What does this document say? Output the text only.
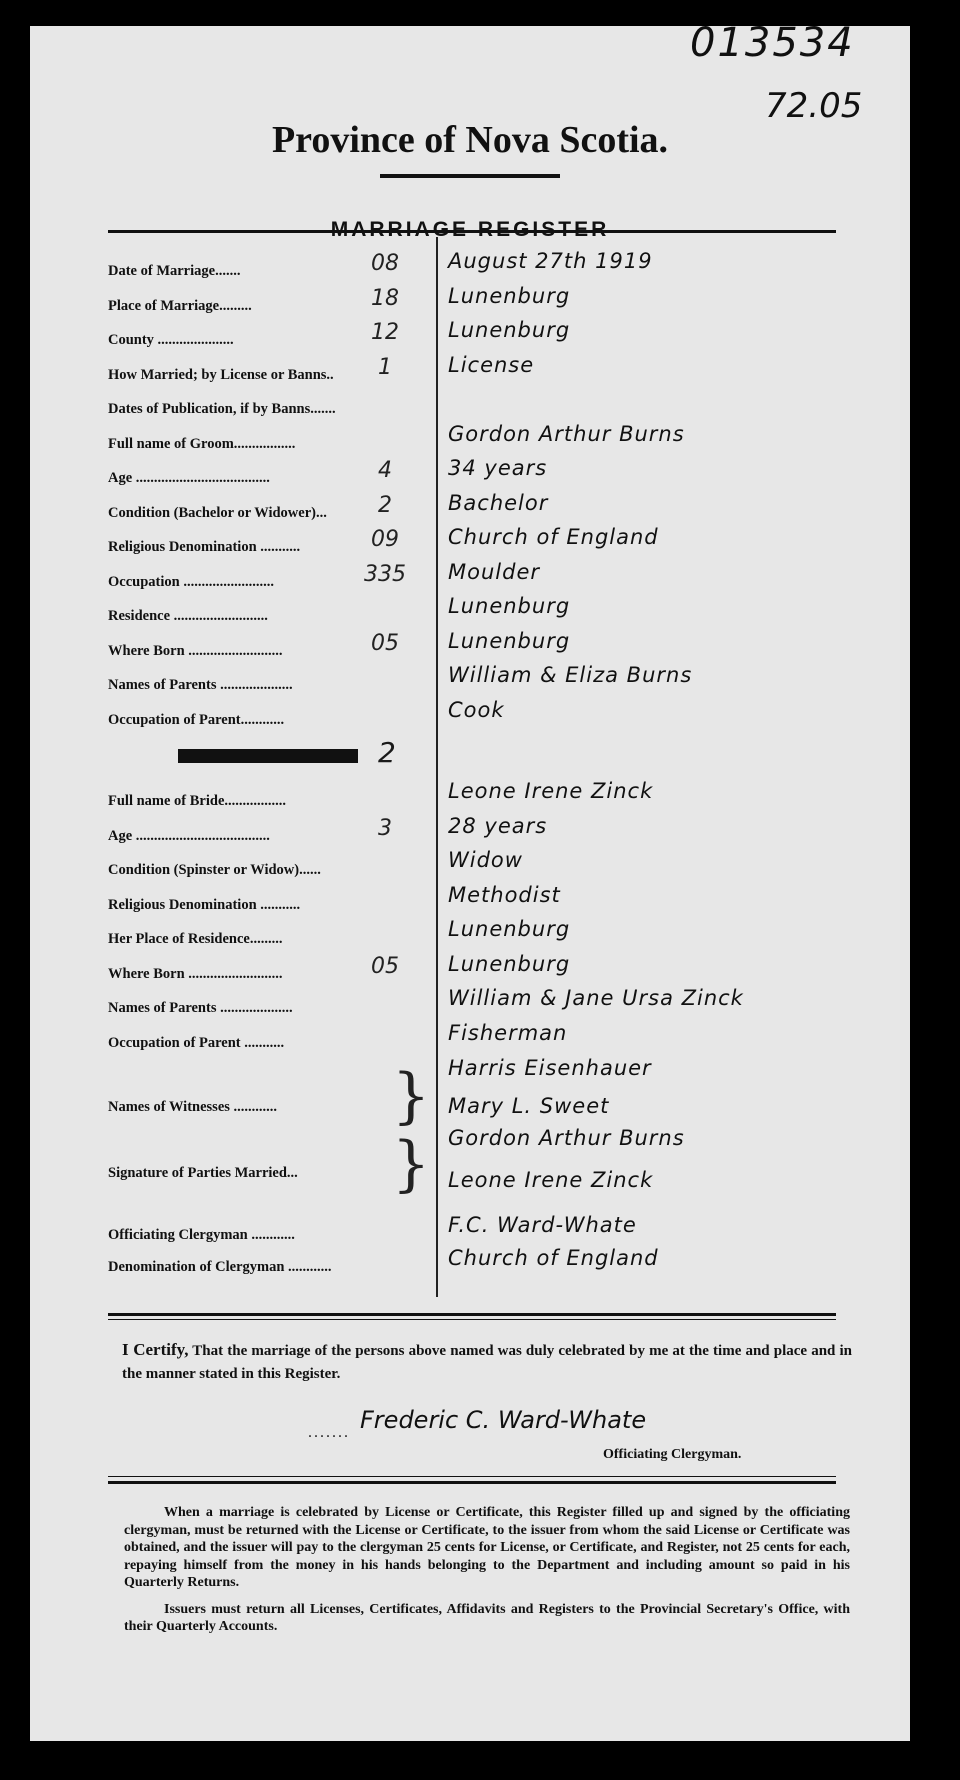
013534
72.05
Province of Nova Scotia.
Date of Marriage.......	08	August 27th 1919
Place of Marriage.........	18	Lunenburg
County .....................	12	Lunenburg
How Married; by License or Banns..	1	License
Dates of Publication, if by Banns.......
Full name of Groom.................	Gordon Arthur Burns
Age .....................................	4	34 years
Condition (Bachelor or Widower)...	2	Bachelor
Religious Denomination ...........	09	Church of England
Occupation .........................	335	Moulder
Residence ..........................	Lunenburg
Where Born ..........................	05	Lunenburg
Names of Parents ....................	William & Eliza Burns
Occupation of Parent............	Cook
2
Full name of Bride.................	Leone Irene Zinck
Age .....................................	3	28 years
Condition (Spinster or Widow)......	Widow
Religious Denomination ...........	Methodist
Her Place of Residence.........	Lunenburg
Where Born ..........................	05	Lunenburg
Names of Parents ....................	William & Jane Ursa Zinck
Occupation of Parent ...........	Fisherman
Names of Witnesses ............ } Harris Eisenhauer
Mary L. Sweet
Signature of Parties Married... } Gordon Arthur Burns
Leone Irene Zinck
Officiating Clergyman ............	F.C. Ward-Whate
Denomination of Clergyman ............	Church of England
I Certify, That the marriage of the persons above named was duly celebrated by me at the time and place and in the manner stated in this Register.
....... Frederic C. Ward-Whate
Officiating Clergyman.

When a marriage is celebrated by License or Certificate, this Register filled up and signed by the officiating clergyman, must be returned with the License or Certificate, to the issuer from whom the said License or Certificate was obtained, and the issuer will pay to the clergyman 25 cents for License, or Certificate, and Register, not 25 cents for each, repaying himself from the money in his hands belonging to the Department and including amount so paid in his Quarterly Returns.

Issuers must return all Licenses, Certificates, Affidavits and Registers to the Provincial Secretary's Office, with their Quarterly Accounts.
